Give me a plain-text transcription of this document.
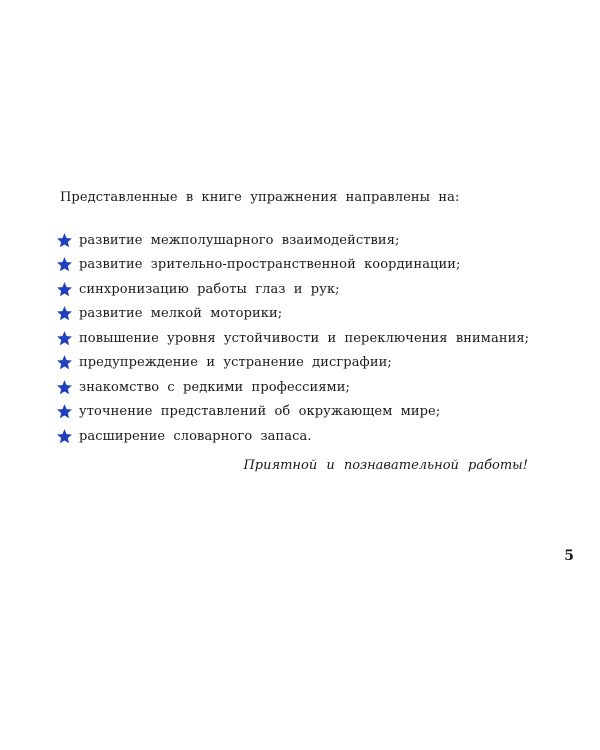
Представленные в книге упражнения направлены на:

развитие межполушарного взаимодействия;
развитие зрительно-пространственной координации;
синхронизацию работы глаз и рук;
развитие мелкой моторики;
повышение уровня устойчивости и переключения внимания;
предупреждение и устранение дисграфии;
знакомство с редкими профессиями;
уточнение представлений об окружающем мире;
расширение словарного запаса.

Приятной и познавательной работы!

5
